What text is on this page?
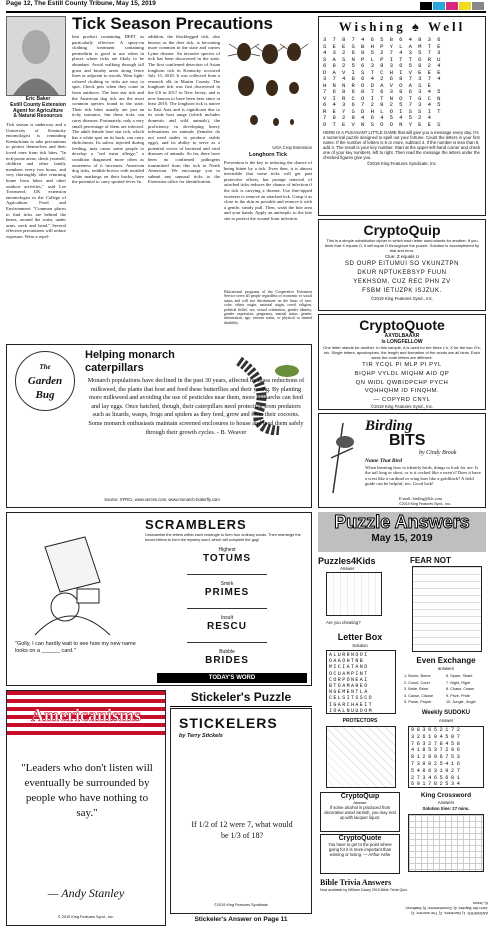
Page 12, The Estill County Tribune, May 15, 2019
Eric Baker
Estill County Extension
Agent for Agriculture
& Natural Resources
Tick Season Precautions
Tick season is underway and a University of Kentucky entomologist is reminding Kentuckians to take precautions to protect themselves and their loved ones from tick bites. "In tick-prone areas, check yourself, children and other family members every two hours, and very thoroughly after returning home from hikes and other outdoor activities," said Lee Townsend, UK extension entomologist in the College of Agriculture, Food and Environment. "Common places to find ticks are behind the knees, around the waist, under arms, neck and head." Several effective precautions will reduce exposure. Wear a repel-
lent product containing DEET as particularly effective. A spray-on clothing treatment containing permethrin is good to use when in places where ticks are likely to be abundant. Avoid walking through tall grass and brushy areas along fence lines or adjacent to woods. Wear light-colored clothing so ticks are easy to spot. Check pets when they come in from outdoors. The lone star tick and the American dog tick are the most common species found in the state. Their tick bites usually are just an itchy nuisance, but these ticks can carry diseases. Fortunately, only a very small percentage of them are infected. The adult female lone star tick, which has a white spot on its back, can carry ehrlichiosis. Its saliva, injected during feeding, may cause some people to develop a "red meat allergy," a condition diagnosed more often as awareness of it increases. American dog ticks, reddish-brown with mottled white markings on their backs, have the potential to carry spotted fever. In
addition, the blacklegged tick, also known as the deer tick, is becoming more common in the state and carries Lyme disease. An invasive species of tick has been discovered in the state. The first confirmed detection of Asian longhorn tick in Kentucky occurred July 15, 2018. It was collected from a research elk in Martin County. The longhorn tick was first discovered in the US in 2017 in New Jersey, and is now known to have been here since at least 2010. The longhorn tick is native to East Asia and is significant due to its wide host range (which includes domestic and wild animals), the proficiency in developing heavy infestations on animals (females do not need males to produce viable eggs), and its ability to serve as a potential vector of bacterial and viral diseases of animals. So far, there have been no confirmed pathogens transmitted from this tick in North American. We encourage you to submit any unusual ticks to the Extension office for identification.
UGA Crop Extension
Longhorn Tick
Prevention is the key to reducing the chance of being bitten by a tick. Even then, it is almost inevitable that some ticks will get past protective efforts, but prompt removal of attached ticks reduces the chance of infection if the tick is carrying a disease. Use fine-tipped tweezers to remove an attached tick. Grasp it as close to the skin as possible and remove it with a gentle, steady pull. Then, wash the bite area and your hands. Apply an antiseptic to the bite site to protect the wound from infection.
Educational programs of the Cooperative Extension Service serve all people regardless of economic or social status and will not discriminate on the basis of race, color, ethnic origin, national origin, creed, religion, political belief, sex, sexual orientation, gender identity, gender expression, pregnancy, marital status, genetic information, age, veteran status, or physical or mental disability.
Wishing ♠ Well
3 7 8 7 4 6 5 8 6 4 8 3 6
S E E S B H P Y L A M T E
4 3 2 6 8 5 2 7 4 3 5 7 3
S A S N P L P I T T O R U
6 8 2 5 6 3 8 3 6 5 8 2 4
D A V I S T C H I V E E E
3 7 4 8 6 4 2 6 8 7 3 7 4
H N N R O D A V O A S E
7 6 8 6 8 7 6 3 8 6 3 4 5
V I R C O I T N O T G C N
6 4 3 6 7 2 8 2 5 7 3 4 5
R E Y S D H L O I S S I T
7 8 2 8 4 6 4 5 4 5 2 4
O T E V N S O O N Y E E S
HERE IS A PLEASANT LITTLE GAME that will give you a message every day. It's a numerical puzzle designed to spell out your fortune. Count the letters in your first name. If the number of letters is 6 or more, subtract 4. If the number is less than 6, add 3. The result is your key number. Start at the upper-left-hand corner and check one of your key numbers, left to right. Then read the message the letters under the checked figures give you.
©2019 King Features Syndicate, Inc.
CryptoQuip
This is a simple substitution cipher in which each letter used stands for another. If you think that X equals O, it will equal O throughout the puzzle. Solution is accomplished by trial and error.
Clue: Z equals U
SD OURP EITUMUI SO VKUNZTPN
DKUR NPTUKEBSYP FUUN
YEKHSOM, CUZ REC PHN ZV
FSBM IETUZPK ISJZUK.
©2019 King Features Synd., Inc.
CryptoQuote
AXYDLBAAXR
is LONGFELLOW
One letter stands for another. In this sample, A is used for the three L's, X for the two O's, etc. Single letters, apostrophes, the length and formation of the words are all hints. Each week the code letters are different.
TIR YCQL PI MLP PI PYL
BIQHP VYLDL MIQHM AID QP
QN WIDL QWBIDPCHP PYCH
VQHHQHM ID FINQHM.
— COPYRD CNYL
©2019 King Features Synd., Inc.
The
Garden
Bug
Helping monarch
caterpillars
Monarch populations have declined in the past 30 years, affected by mass reductions of milkweed, the plants that host and feed these butterflies and their young. By planting more milkweed and avoiding the use of pesticides near them, more monarchs can feed and lay eggs. Once hatched, though, their caterpillars need protection from predators such as lizards, wasps, frogs and spiders as they feed, grow and form their cocoons. Some monarch enthusiasts maintain screened enclosures to house and feed them safely through their growth cycles. - B. Weaver
Source: XFRCI, www.xerces.com, www.monarch-butterfly.com
Birding
BITS
by Cindy Brook
Name That Bird
When learning how to identify birds, things to look for are: Is the tail long or short, or is it cocked like a wren's? Does it have a crest like a cardinal or wing bars like a goldfinch? A field guide can be helpful, too. Good luck!
E-mail: birding@kfs.com
©2019 King Features Synd., Inc.
SCRAMBLERS
Unscramble the letters within each rectangle to form four ordinary words. Then rearrange the boxed letters to form the mystery word, which will complete the gag!
Highest
TOTUMS
Smirk
PRIMES
Insult
RESCU
Bubble
BRIDES
"Golly, I can hardly wait to see how my new name looks on a ______ card."
TODAY'S WORD
Americanisms
"Leaders who don't listen will eventually be surrounded by people who have nothing to say."
— Andy Stanley
© 2019 King Features Synd., Inc.
Stickeler's Puzzle
STICKELERS
by Terry Stickels
If 1/2 of 12 were 7, what would be 1/3 of 18?
©2019 King Features Syndicate
Stickeler's Answer on Page 11
Puzzle Answers
May 15, 2019
Puzzles4Kids
Answer
Are you cheating?
FEAR NOT
Letter Box
Solution
ALURRNOOI
OAAOHTNB
MICIATAND
OCUAMPINT
CORPONEAI
BTOAMAREO
NGEMENTLA
CELSITSSCO
IGARCHAEIT
IOALNUUOOM
Even Exchange
answers
1. Borne, Borne	6. Spare, Shark
2. Count, Court	7. Night, Right
3. Bride, Brine	8. Chase, Cease
4. Cause, Clause	9. Prize, Pride
5. Prose, Proper	10. Jungle, Jingle
PROTECTORS
Weekly SUDOKU
Answer
983652172
326194587
763278458
418537296
812896753
739825416
548631927
273465681
691782534
King Crossword
Answers
Solution time: 27 mins.
CryptoQuip
Answer
If some alcohol is produced from decorative wood varnish, you may end up with lacquer liquor.
CryptoQuote
You have to get to the point where going for it is more important than winning or losing. — Arthur Ashe
Bible Trivia Answers
Now available by William Casey 2019 Bible Trivia Quiz.
ANSWERS: 1) Numbers; 2) The women; 3) John the Baptist; 4) Gooseberries; 5) Matthew; 6) Jesus
